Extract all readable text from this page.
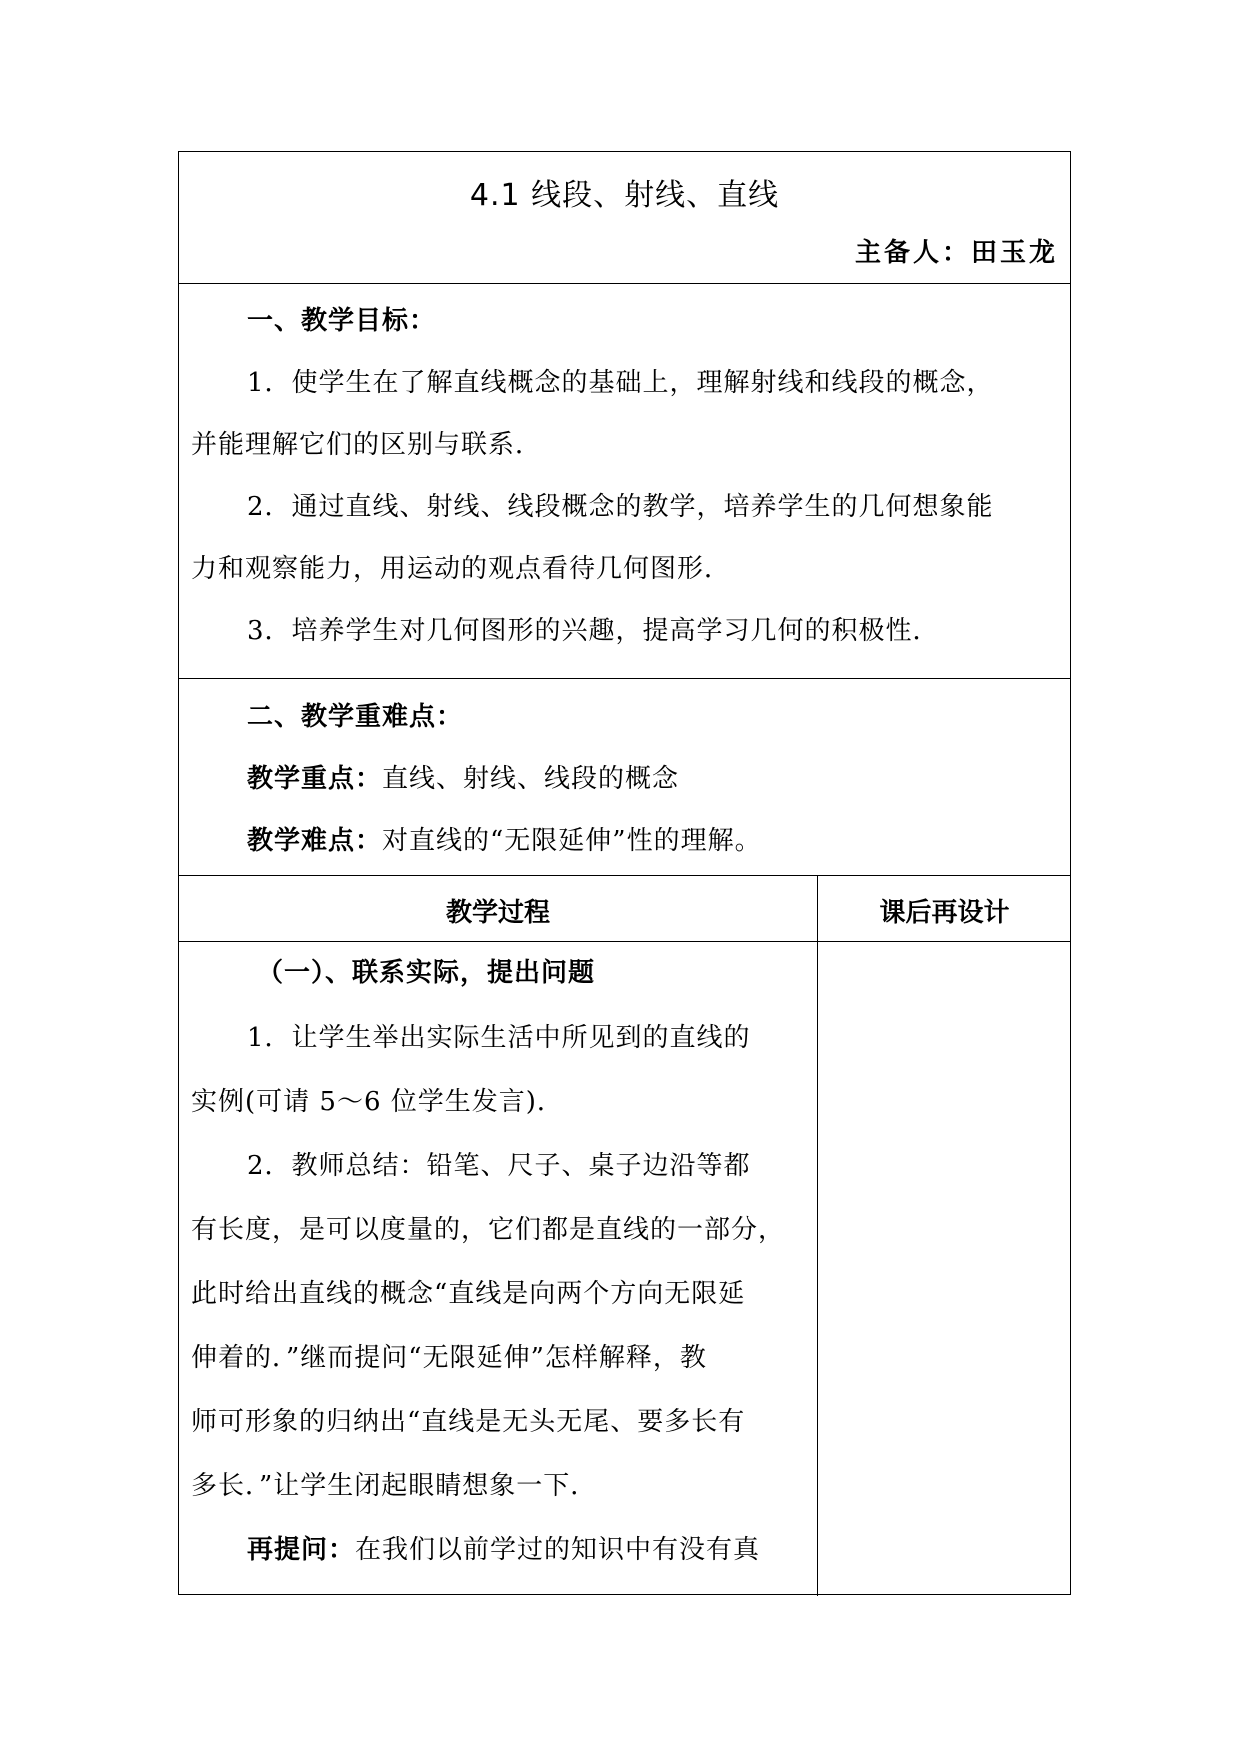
4.1 线段、射线、直线
主备人：田玉龙
一、教学目标：
1．使学生在了解直线概念的基础上，理解射线和线段的概念，
并能理解它们的区别与联系．
2．通过直线、射线、线段概念的教学，培养学生的几何想象能
力和观察能力，用运动的观点看待几何图形．
3．培养学生对几何图形的兴趣，提高学习几何的积极性．
二、教学重难点：
教学重点：直线、射线、线段的概念
教学难点：对直线的“无限延伸”性的理解。
教学过程	课后再设计
（一）、联系实际，提出问题
1．让学生举出实际生活中所见到的直线的
实例(可请 5～6 位学生发言)．
2．教师总结：铅笔、尺子、桌子边沿等都
有长度，是可以度量的，它们都是直线的一部分，
此时给出直线的概念“直线是向两个方向无限延
伸着的．”继而提问“无限延伸”怎样解释，教
师可形象的归纳出“直线是无头无尾、要多长有
多长．”让学生闭起眼睛想象一下．
再提问：在我们以前学过的知识中有没有真
